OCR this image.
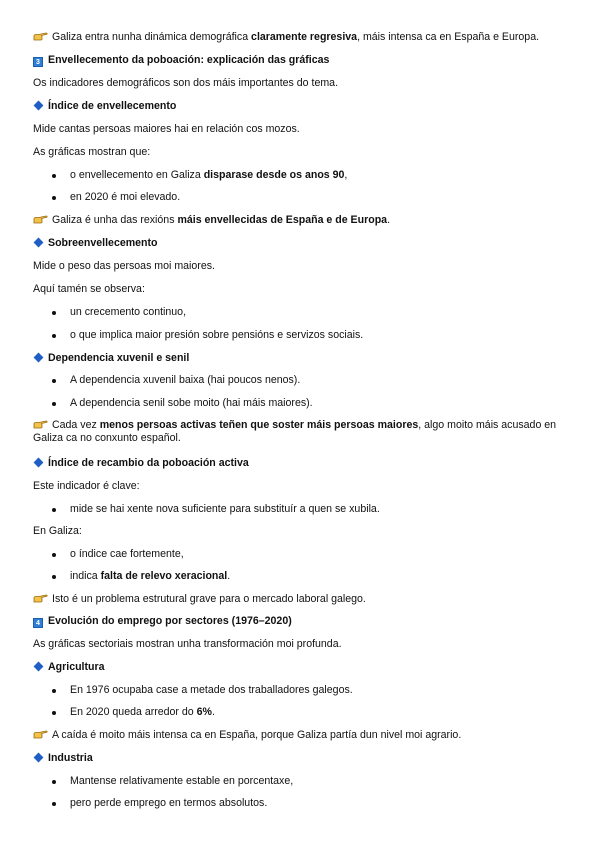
Galiza entra nunha dinámica demográfica claramente regresiva, máis intensa ca en España e Europa.
3 Envellecemento da poboación: explicación das gráficas
Os indicadores demográficos son dos máis importantes do tema.
Índice de envellecemento
Mide cantas persoas maiores hai en relación cos mozos.
As gráficas mostran que:
o envellecemento en Galiza disparase desde os anos 90,
en 2020 é moi elevado.
Galiza é unha das rexións máis envellecidas de España e de Europa.
Sobreenvellecemento
Mide o peso das persoas moi maiores.
Aquí tamén se observa:
un crecemento continuo,
o que implica maior presión sobre pensións e servizos sociais.
Dependencia xuvenil e senil
A dependencia xuvenil baixa (hai poucos nenos).
A dependencia senil sobe moito (hai máis maiores).
Cada vez menos persoas activas teñen que soster máis persoas maiores, algo moito máis acusado en Galiza ca no conxunto español.
Índice de recambio da poboación activa
Este indicador é clave:
mide se hai xente nova suficiente para substituír a quen se xubila.
En Galiza:
o índice cae fortemente,
indica falta de relevo xeracional.
Isto é un problema estrutural grave para o mercado laboral galego.
4 Evolución do emprego por sectores (1976–2020)
As gráficas sectoriais mostran unha transformación moi profunda.
Agricultura
En 1976 ocupaba case a metade dos traballadores galegos.
En 2020 queda arredor do 6%.
A caída é moito máis intensa ca en España, porque Galiza partía dun nivel moi agrario.
Industria
Mantense relativamente estable en porcentaxe,
pero perde emprego en termos absolutos.
